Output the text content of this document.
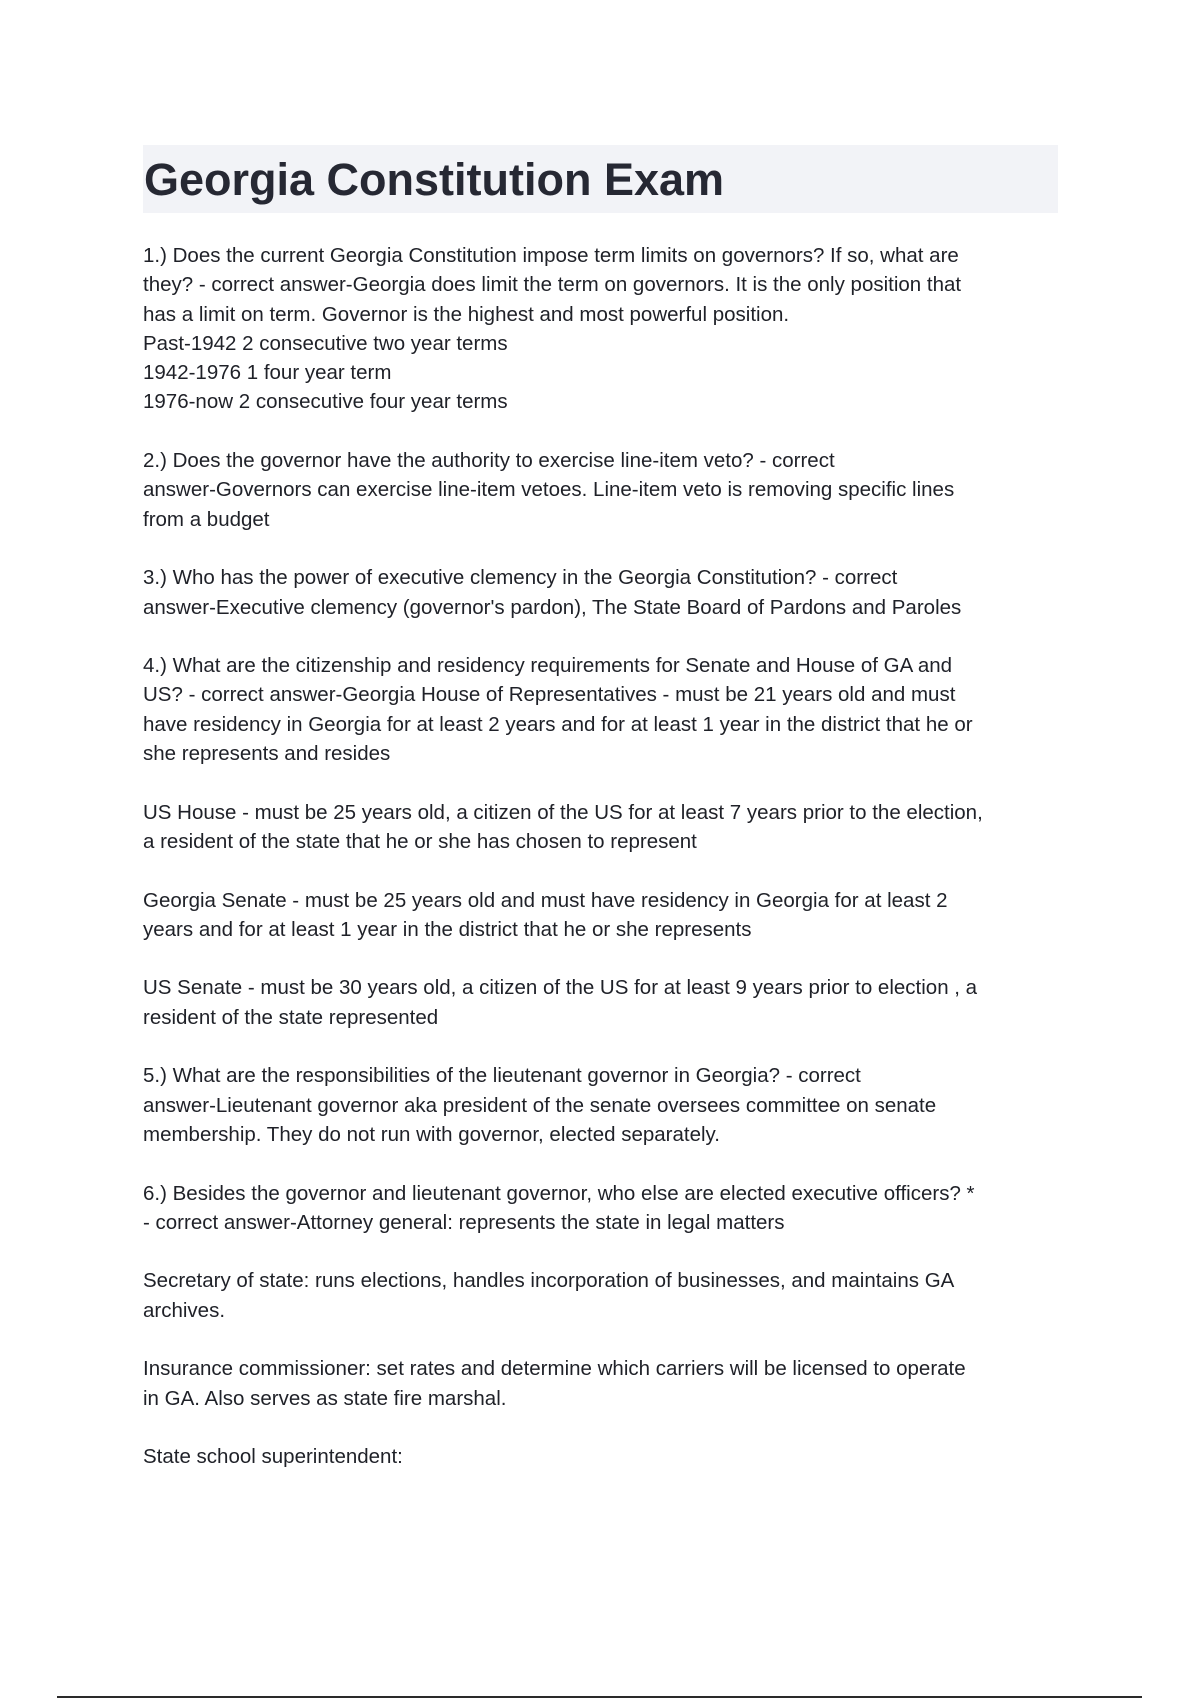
Georgia Constitution Exam

1.) Does the current Georgia Constitution impose term limits on governors? If so, what are
they? - correct answer-Georgia does limit the term on governors. It is the only position that
has a limit on term. Governor is the highest and most powerful position.
Past-1942 2 consecutive two year terms
1942-1976 1 four year term
1976-now 2 consecutive four year terms

2.) Does the governor have the authority to exercise line-item veto? - correct
answer-Governors can exercise line-item vetoes. Line-item veto is removing specific lines
from a budget

3.) Who has the power of executive clemency in the Georgia Constitution? - correct
answer-Executive clemency (governor's pardon), The State Board of Pardons and Paroles

4.) What are the citizenship and residency requirements for Senate and House of GA and
US? - correct answer-Georgia House of Representatives - must be 21 years old and must
have residency in Georgia for at least 2 years and for at least 1 year in the district that he or
she represents and resides

US House - must be 25 years old, a citizen of the US for at least 7 years prior to the election,
a resident of the state that he or she has chosen to represent

Georgia Senate - must be 25 years old and must have residency in Georgia for at least 2
years and for at least 1 year in the district that he or she represents

US Senate - must be 30 years old, a citizen of the US for at least 9 years prior to election , a
resident of the state represented

5.) What are the responsibilities of the lieutenant governor in Georgia? - correct
answer-Lieutenant governor aka president of the senate oversees committee on senate
membership. They do not run with governor, elected separately.

6.) Besides the governor and lieutenant governor, who else are elected executive officers? *
- correct answer-Attorney general: represents the state in legal matters

Secretary of state: runs elections, handles incorporation of businesses, and maintains GA
archives.

Insurance commissioner: set rates and determine which carriers will be licensed to operate
in GA. Also serves as state fire marshal.

State school superintendent:
